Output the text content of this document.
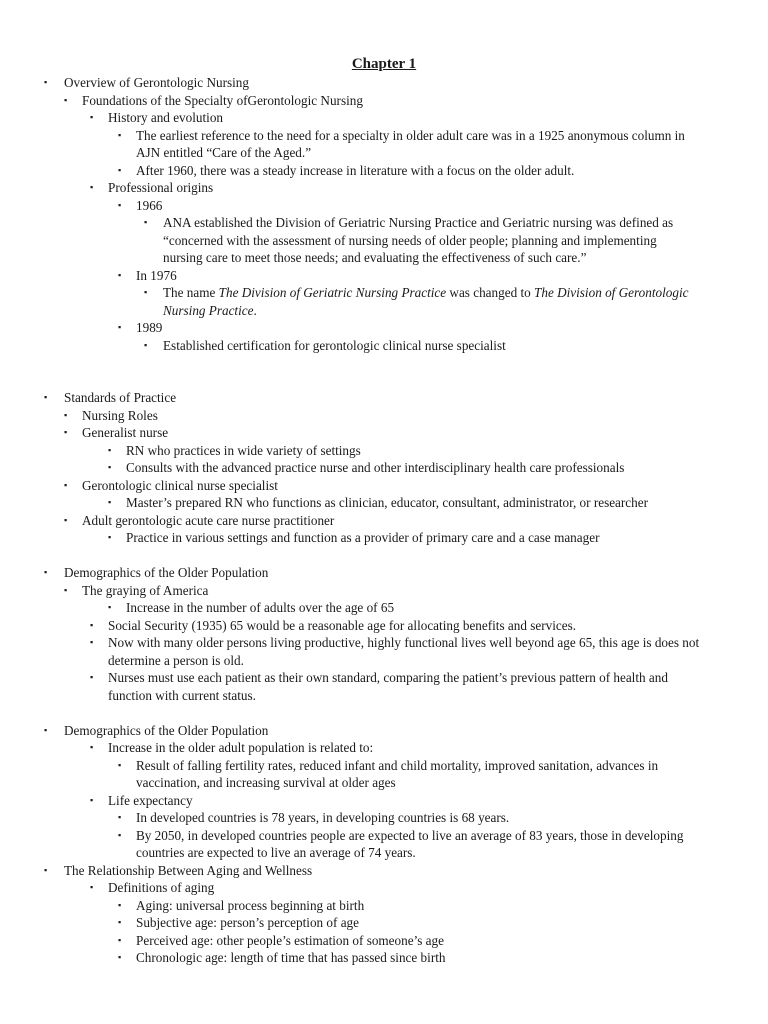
Chapter 1
▪ Overview of Gerontologic Nursing
▪ Foundations of the Specialty ofGerontologic Nursing
▪ History and evolution
▪ The earliest reference to the need for a specialty in older adult care was in a 1925 anonymous column in AJN entitled “Care of the Aged.”
▪ After 1960, there was a steady increase in literature with a focus on the older adult.
▪ Professional origins
▪ 1966
▪ ANA established the Division of Geriatric Nursing Practice and Geriatric nursing was defined as “concerned with the assessment of nursing needs of older people; planning and implementing nursing care to meet those needs; and evaluating the effectiveness of such care.”
▪ In 1976
▪ The name The Division of Geriatric Nursing Practice was changed to The Division of Gerontologic Nursing Practice.
▪ 1989
▪ Established certification for gerontologic clinical nurse specialist
▪ Standards of Practice
▪ Nursing Roles
▪ Generalist nurse
▪ RN who practices in wide variety of settings
▪ Consults with the advanced practice nurse and other interdisciplinary health care professionals
▪ Gerontologic clinical nurse specialist
▪ Master’s prepared RN who functions as clinician, educator, consultant, administrator, or researcher
▪ Adult gerontologic acute care nurse practitioner
▪ Practice in various settings and function as a provider of primary care and a case manager
▪ Demographics of the Older Population
▪ The graying of America
▪ Increase in the number of adults over the age of 65
▪ Social Security (1935) 65 would be a reasonable age for allocating benefits and services.
▪ Now with many older persons living productive, highly functional lives well beyond age 65, this age is does not determine a person is old.
▪ Nurses must use each patient as their own standard, comparing the patient’s previous pattern of health and function with current status.
▪ Demographics of the Older Population
▪ Increase in the older adult population is related to:
▪ Result of falling fertility rates, reduced infant and child mortality, improved sanitation, advances in vaccination, and increasing survival at older ages
▪ Life expectancy
▪ In developed countries is 78 years, in developing countries is 68 years.
▪ By 2050, in developed countries people are expected to live an average of 83 years, those in developing countries are expected to live an average of 74 years.
▪ The Relationship Between Aging and Wellness
▪ Definitions of aging
▪ Aging: universal process beginning at birth
▪ Subjective age: person’s perception of age
▪ Perceived age: other people’s estimation of someone’s age
▪ Chronologic age: length of time that has passed since birth
